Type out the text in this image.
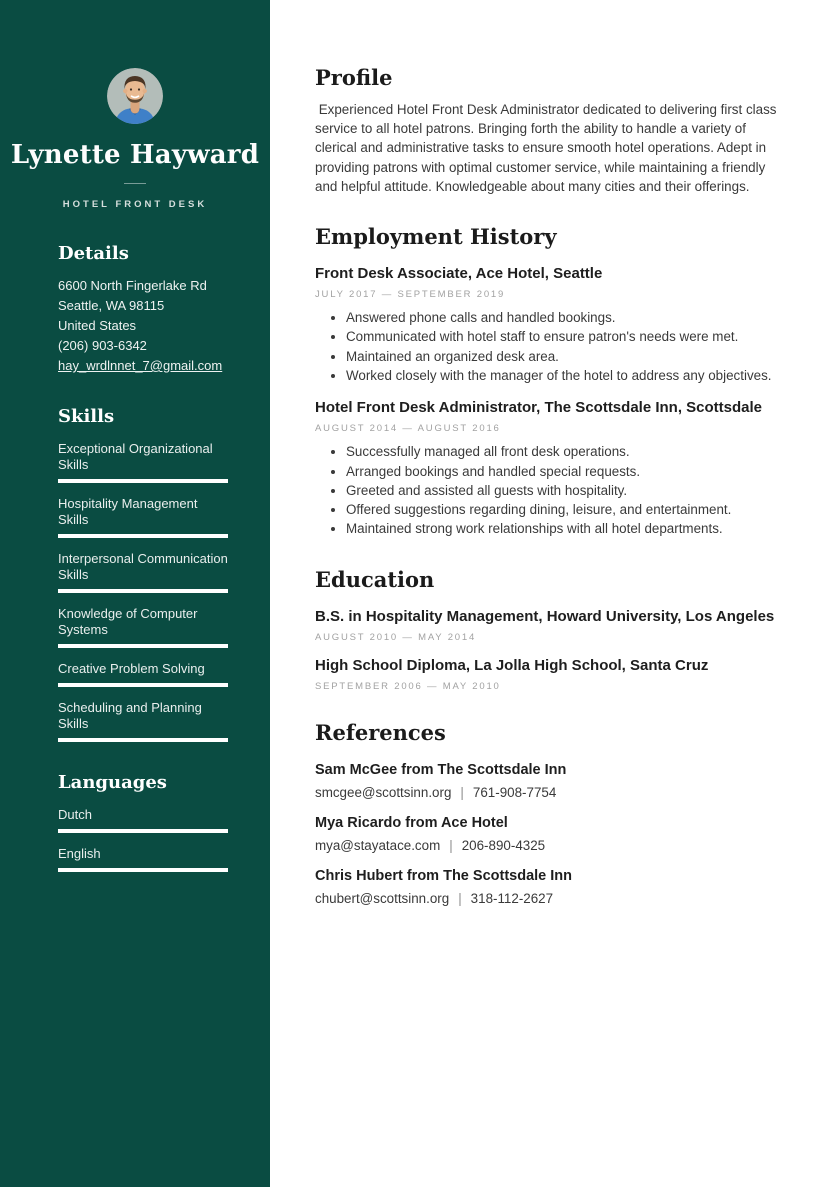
Lynette Hayward
HOTEL FRONT DESK
Details
6600 North Fingerlake Rd
Seattle, WA 98115
United States
(206) 903-6342
hay_wrdlnnet_7@gmail.com
Skills
Exceptional Organizational Skills
Hospitality Management Skills
Interpersonal Communication Skills
Knowledge of Computer Systems
Creative Problem Solving
Scheduling and Planning Skills
Languages
Dutch
English
Profile

Experienced Hotel Front Desk Administrator dedicated to delivering first class service to all hotel patrons. Bringing forth the ability to handle a variety of clerical and administrative tasks to ensure smooth hotel operations. Adept in providing patrons with optimal customer service, while maintaining a friendly and helpful attitude. Knowledgeable about many cities and their offerings.

Employment History
Front Desk Associate, Ace Hotel, Seattle
JULY 2017 — SEPTEMBER 2019
• Answered phone calls and handled bookings.
• Communicated with hotel staff to ensure patron's needs were met.
• Maintained an organized desk area.
• Worked closely with the manager of the hotel to address any objectives.
Hotel Front Desk Administrator, The Scottsdale Inn, Scottsdale
AUGUST 2014 — AUGUST 2016
• Successfully managed all front desk operations.
• Arranged bookings and handled special requests.
• Greeted and assisted all guests with hospitality.
• Offered suggestions regarding dining, leisure, and entertainment.
• Maintained strong work relationships with all hotel departments.
Education
B.S. in Hospitality Management, Howard University, Los Angeles
AUGUST 2010 — MAY 2014
High School Diploma, La Jolla High School, Santa Cruz
SEPTEMBER 2006 — MAY 2010
References
Sam McGee from The Scottsdale Inn
smcgee@scottsinn.org | 761-908-7754
Mya Ricardo from Ace Hotel
mya@stayatace.com | 206-890-4325
Chris Hubert from The Scottsdale Inn
chubert@scottsinn.org | 318-112-2627
